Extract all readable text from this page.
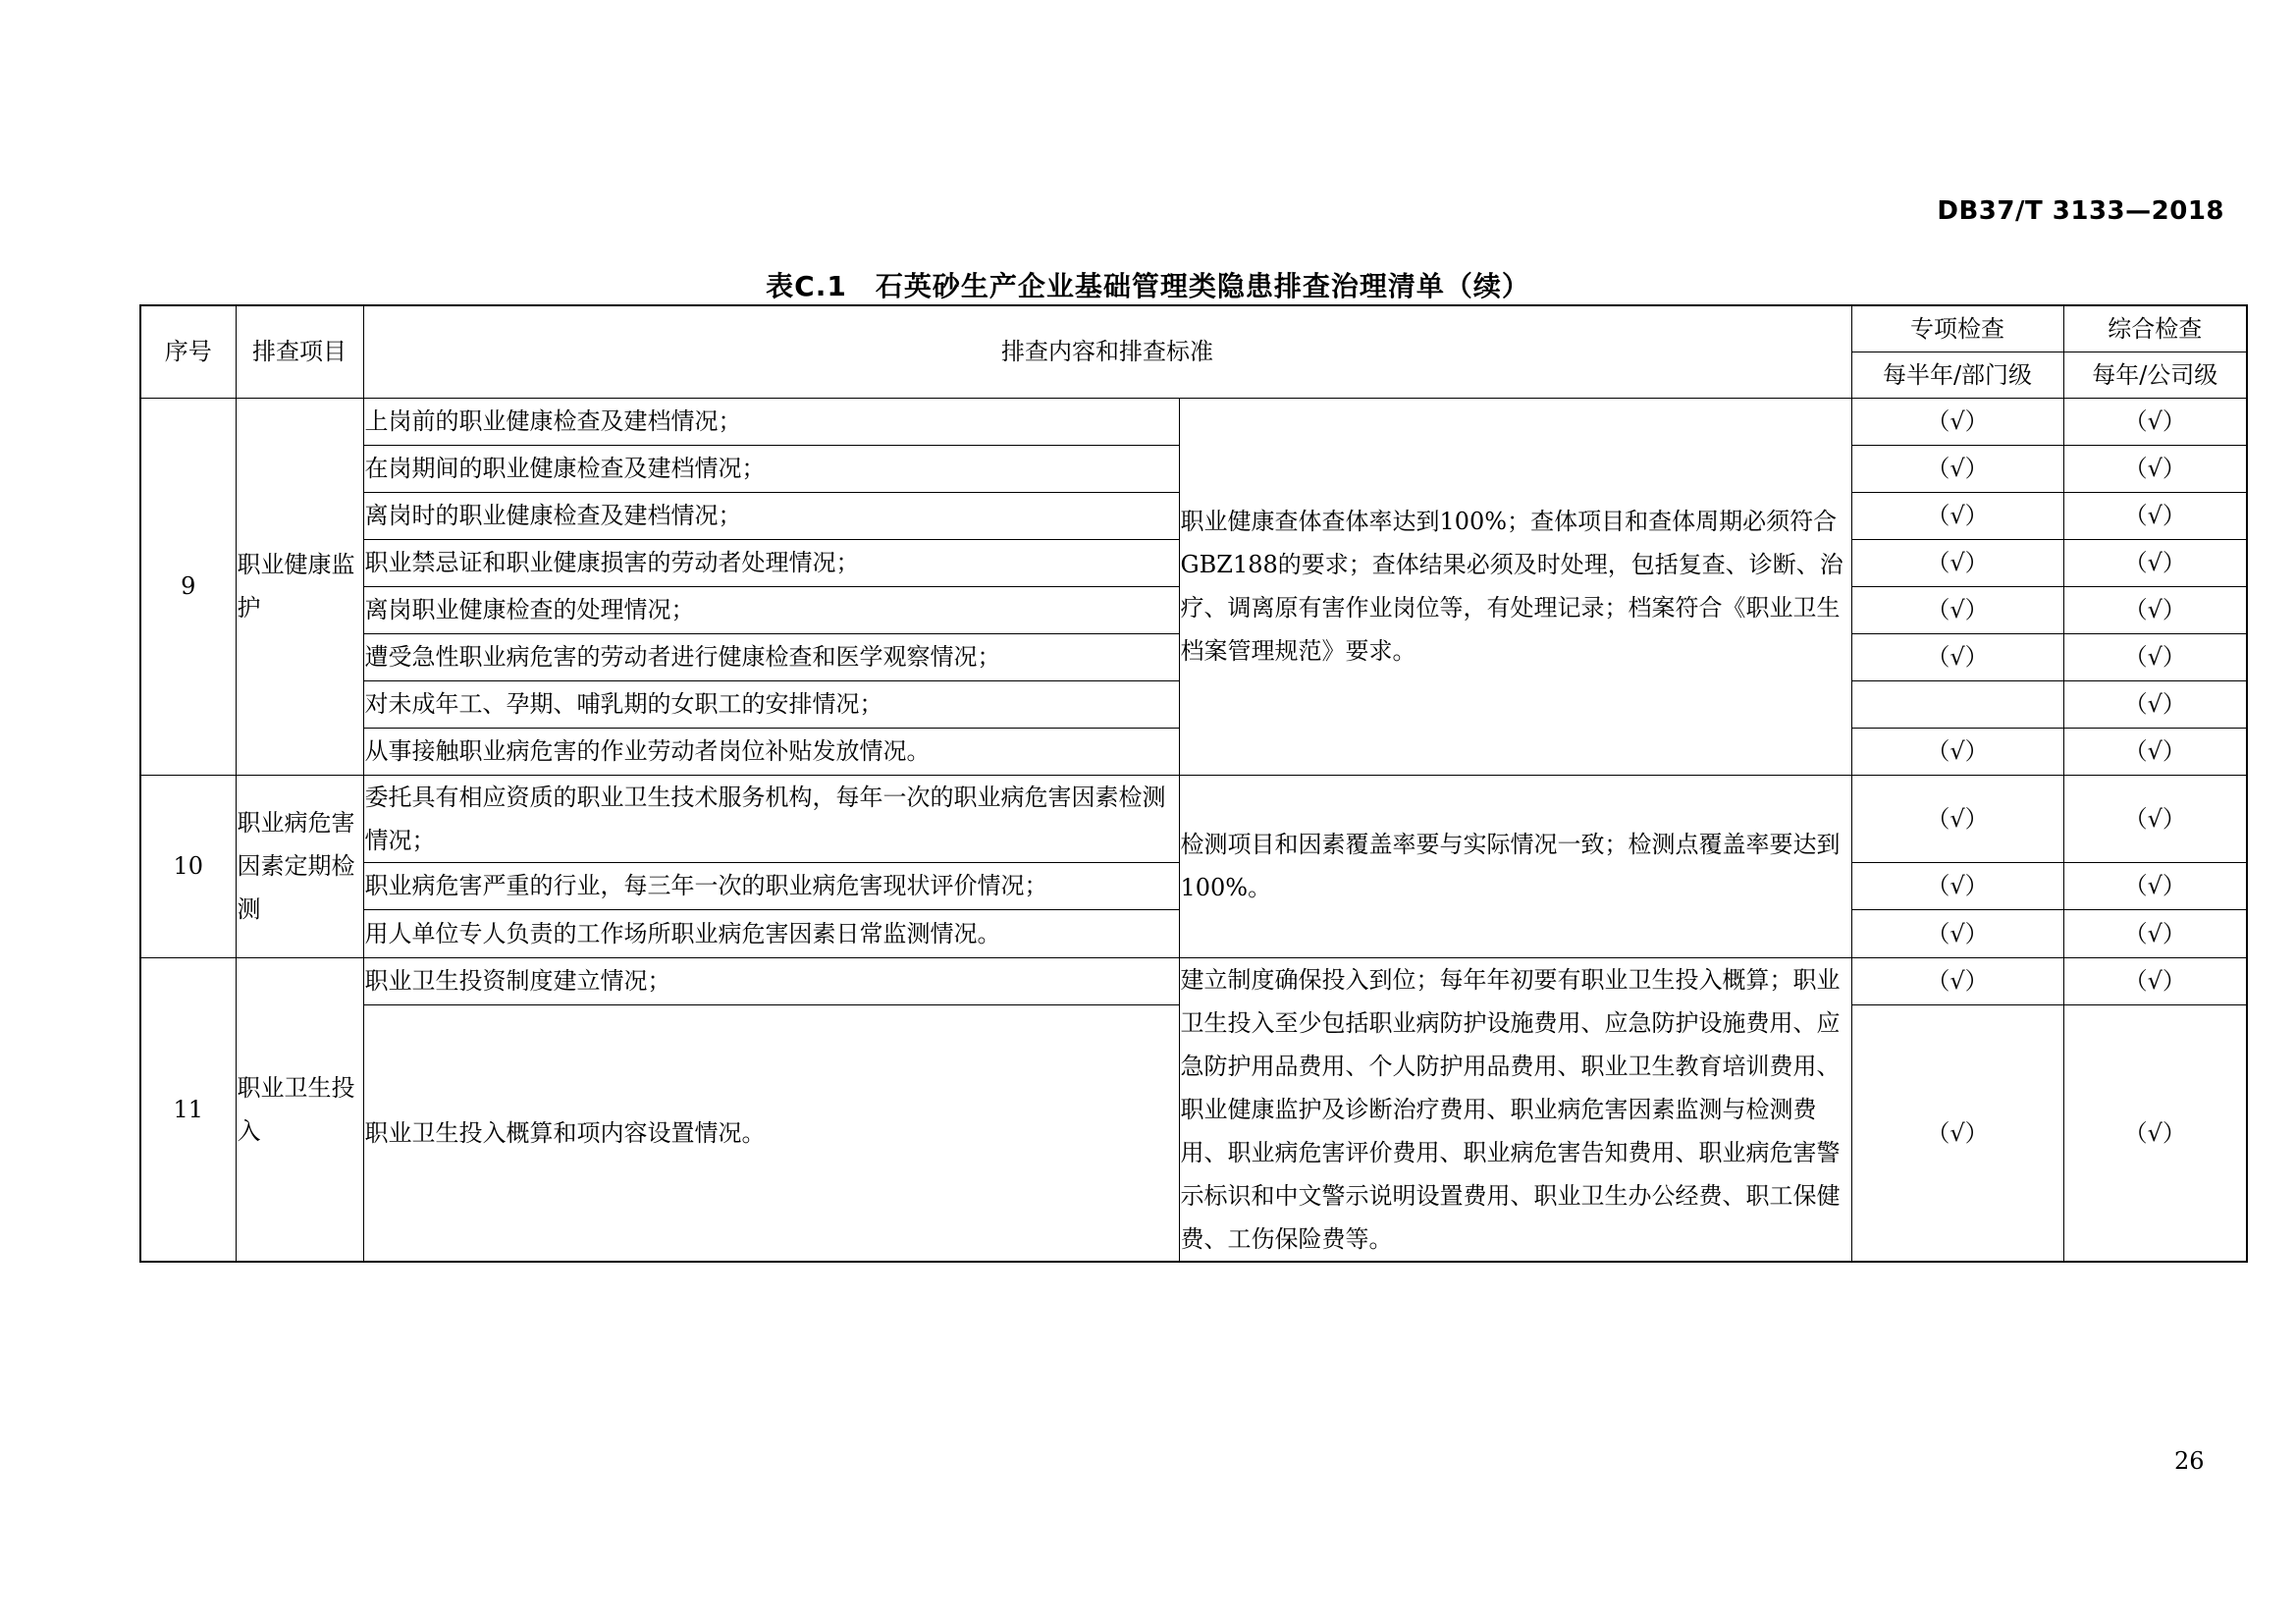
DB37/T 3133—2018
表C.1　石英砂生产企业基础管理类隐患排查治理清单（续）
序号	排查项目	排查内容和排查标准		专项检查	综合检查
				每半年/部门级	每年/公司级
9	职业健康监护	上岗前的职业健康检查及建档情况；	职业健康查体查体率达到100%；查体项目和查体周期必须符合GBZ188的要求；查体结果必须及时处理，包括复查、诊断、治疗、调离原有害作业岗位等，有处理记录；档案符合《职业卫生档案管理规范》要求。	（√）	（√）
		在岗期间的职业健康检查及建档情况；		（√）	（√）
		离岗时的职业健康检查及建档情况；		（√）	（√）
		职业禁忌证和职业健康损害的劳动者处理情况；		（√）	（√）
		离岗职业健康检查的处理情况；		（√）	（√）
		遭受急性职业病危害的劳动者进行健康检查和医学观察情况；		（√）	（√）
		对未成年工、孕期、哺乳期的女职工的安排情况；			（√）
		从事接触职业病危害的作业劳动者岗位补贴发放情况。		（√）	（√）
10	职业病危害因素定期检测	委托具有相应资质的职业卫生技术服务机构，每年一次的职业病危害因素检测情况；	检测项目和因素覆盖率要与实际情况一致；检测点覆盖率要达到100%。	（√）	（√）
		职业病危害严重的行业，每三年一次的职业病危害现状评价情况；		（√）	（√）
		用人单位专人负责的工作场所职业病危害因素日常监测情况。		（√）	（√）
11	职业卫生投入	职业卫生投资制度建立情况；	建立制度确保投入到位；每年年初要有职业卫生投入概算；职业卫生投入至少包括职业病防护设施费用、应急防护设施费用、应急防护用品费用、个人防护用品费用、职业卫生教育培训费用、职业健康监护及诊断治疗费用、职业病危害因素监测与检测费用、职业病危害评价费用、职业病危害告知费用、职业病危害警示标识和中文警示说明设置费用、职业卫生办公经费、职工保健费、工伤保险费等。	（√）	（√）
		职业卫生投入概算和项内容设置情况。		（√）	（√）
26
